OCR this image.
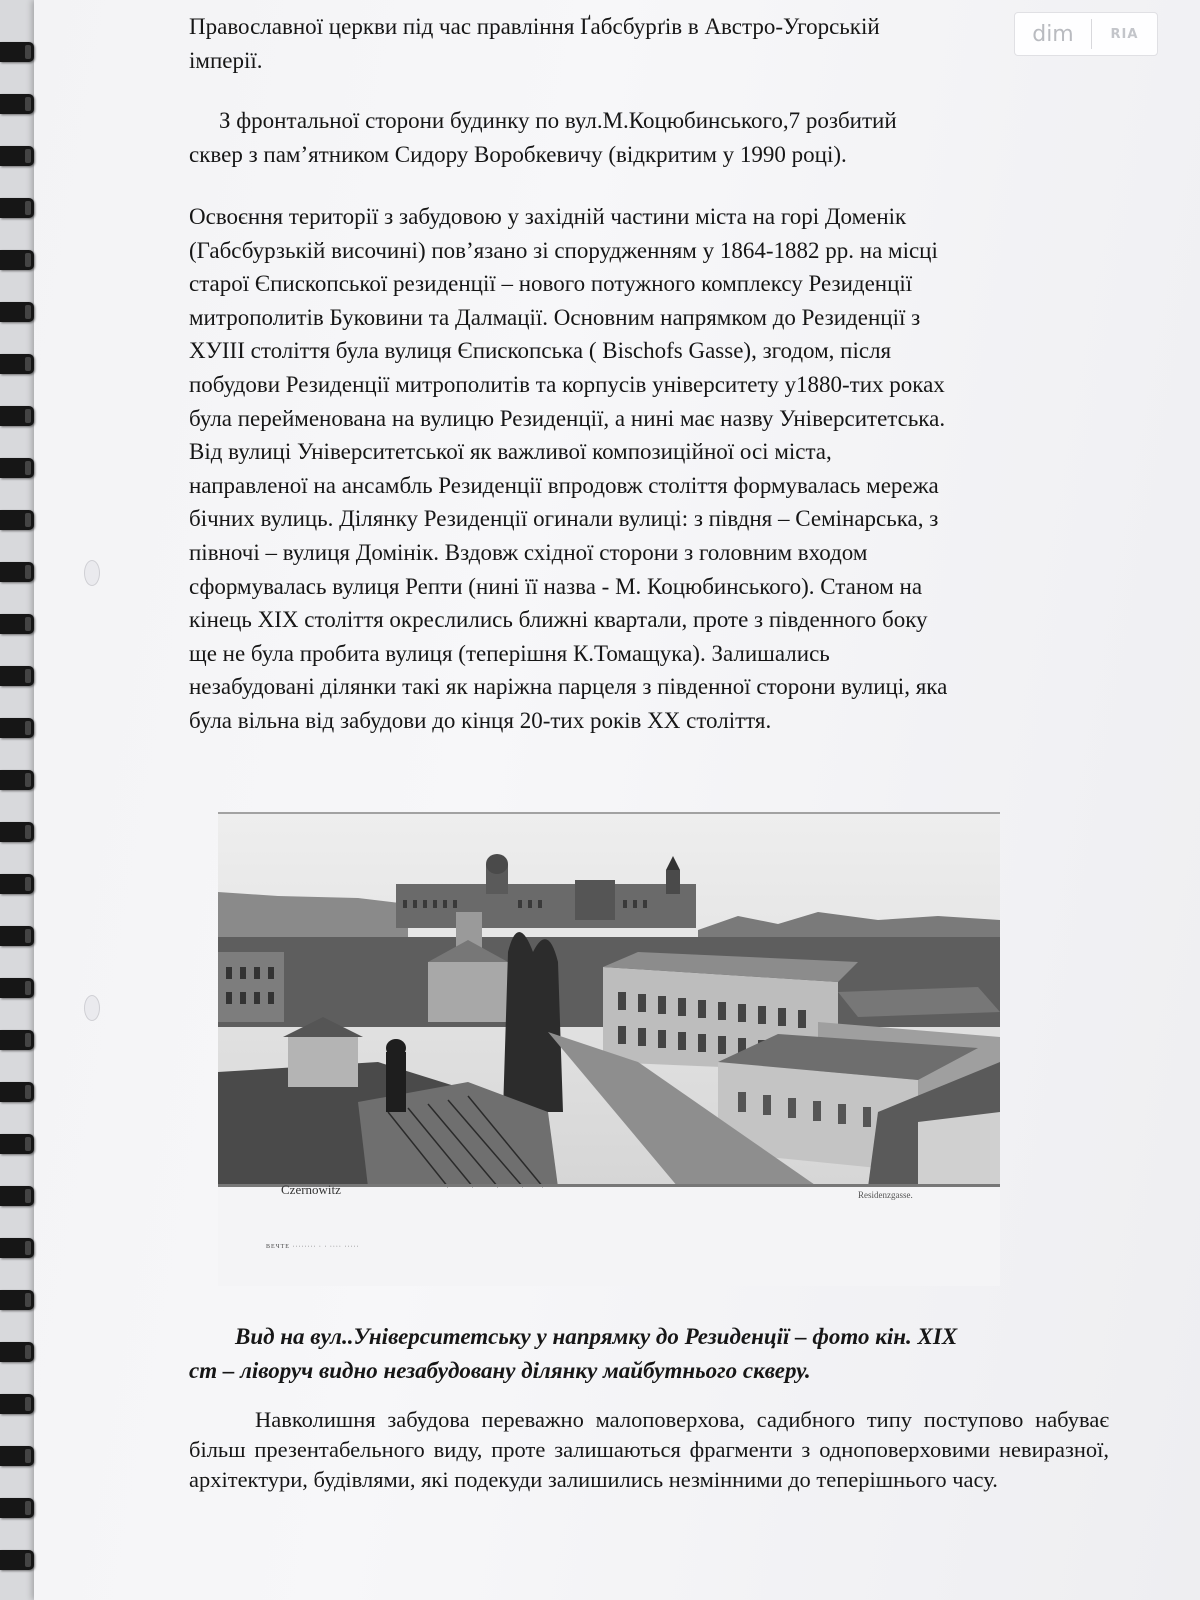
Православної церкви під час правління Ґабсбурґів в Австро-Угорській
імперії.
З фронтальної сторони будинку по вул.М.Коцюбинського,7 розбитий
сквер з пам’ятником Сидору Воробкевичу (відкритим у 1990 році).
Освоєння території з забудовою у західній частини міста на горі Доменік
(Габсбурзькій височині) пов’язано зі спорудженням у 1864-1882 рр. на місці
старої Єпископської резиденції – нового потужного комплексу Резиденції
митрополитів Буковини та Далмації. Основним напрямком до Резиденції з
ХУІІІ століття була вулиця Єпископська ( Bischofs Gasse), згодом, після
побудови Резиденції митрополитів та корпусів університету у1880-тих роках
була перейменована на вулицю Резиденції, а нині має назву Університетська.
Від вулиці Університетської як важливої композиційної осі міста,
направленої на ансамбль Резиденції впродовж століття формувалась мережа
бічних вулиць. Ділянку Резиденції огинали вулиці: з півдня – Семінарська, з
півночі – вулиця Домінік. Вздовж східної сторони з головним входом
сформувалась вулиця Репти (нині її назва - М. Коцюбинського). Станом на
кінець ХІХ століття окреслились ближні квартали, проте з південного боку
ще не була пробита вулиця (теперішня К.Томащука). Залишались
незабудовані ділянки такі як наріжна парцеля з південної сторони вулиці, яка
була вільна від забудови до кінця 20-тих років ХХ століття.
Czernowitz	Residenzgasse.
ВЕЧТЕ ········ · · ···· ·····
Вид на вул..Університетську у напрямку до Резиденції – фото кін. ХІХ
ст – ліворуч видно незабудовану ділянку майбутнього скверу.
Навколишня забудова переважно малоповерхова, садибного типу поступово набуває більш презентабельного виду, проте залишаються фрагменти з одноповерховими невиразної, архітектури, будівлями, які подекуди залишились незмінними до теперішнього часу.
dim	RIA
